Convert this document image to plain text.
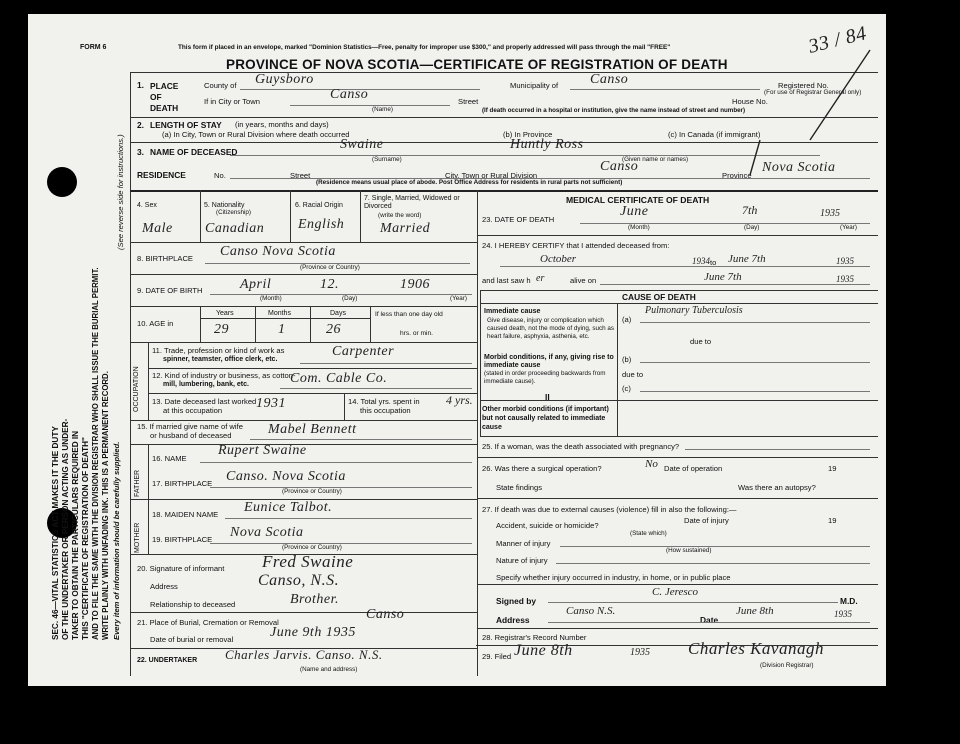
SEC. 46—VITAL STATISTICS ACT MAKES IT THE DUTY OF THE UNDERTAKER OR PERSON ACTING AS UNDER- TAKER TO OBTAIN THE PARTICULARS REQUIRED IN THIS "CERTIFICATE OF REGISTRATION OF DEATH" AND TO FILE THE SAME WITH THE DIVISION REGISTRAR WHO SHALL ISSUE THE BURIAL PERMIT. WRITE PLAINLY WITH UNFADING INK. THIS IS A PERMANENT RECORD. Every item of information should be carefully supplied.
(See reverse side for instructions.)
FORM 6	This form if placed in an envelope, marked "Dominion Statistics—Free, penalty for improper use $300," and properly addressed will pass through the mail "FREE"
PROVINCE OF NOVA SCOTIA—CERTIFICATE OF REGISTRATION OF DEATH
33 / 84
1. PLACE OF DEATH
County of Guysboro	Municipality of Canso	Registered No.
(For use of Registrar General only)
If in City or Town	Canso
(Name)
Street	House No.
(If death occurred in a hospital or institution, give the name instead of street and number)
2. LENGTH OF STAY (in years, months and days)
(a) In City, Town or Rural Division where death occurred	(b) In Province	(c) In Canada (if immigrant)
3. NAME OF DECEASED	Swaine	Huntly Ross
(Surname)	(Given name or names)
RESIDENCE	No.	Street	City, Town or Rural Division
Canso
Province
Nova Scotia
(Residence means usual place of abode. Post Office Address for residents in rural parts not sufficient)
4. Sex	5. Nationality
(Citizenship)
6. Racial Origin
7. Single, Married, Widowed or Divorced
(write the word)
Male Canadian English	Married
8. BIRTHPLACE Canso Nova Scotia
(Province or Country)
9. DATE OF BIRTH	April	12.	1906
(Month)	(Day)	(Year)
10. AGE in
Years	Months	Days
29	1	26
If less than one day old
hrs. or min.
OCCUPATION
11. Trade, profession or kind of work as
spinner, teamster, office clerk, etc.
Carpenter
12. Kind of industry or business, as cotton-
mill, lumbering, bank, etc.	Com. Cable Co.
13. Date deceased last worked
at this occupation 1931	14. Total yrs. spent in
this occupation
4 yrs.
15. If married give name of wife
or husband of deceased	Mabel Bennett
FATHER
16. NAME
Rupert Swaine
17. BIRTHPLACE Canso. Nova Scotia
(Province or Country)
MOTHER
18. MAIDEN NAME Eunice Talbot.
19. BIRTHPLACE Nova Scotia
(Province or Country)
20. Signature of informant Fred Swaine
Address	Canso, N.S.
Relationship to deceased	Brother.
21. Place of Burial, Cremation or Removal
Canso
Date of burial or removal	June 9th 1935
22. UNDERTAKER Charles Jarvis. Canso. N.S.
(Name and address)
MEDICAL CERTIFICATE OF DEATH
23. DATE OF DEATH
June	7th	1935
(Month)	(Day)	(Year)
24. I HEREBY CERTIFY that I attended deceased from:
October	1934 to June 7th	1935
and last saw h er	alive on	June 7th	1935
CAUSE OF DEATH
Immediate cause
Give disease, injury or complication which caused death, not the mode of dying, such as heart failure, asphyxia, asthenia, etc.
(a)
Pulmonary Tuberculosis
due to
Morbid conditions, if any, giving rise to immediate cause
(stated in order proceeding backwards from immediate cause).
(b)
due to
(c)
II
Other morbid conditions (if important) but not causally related to immediate cause
25. If a woman, was the death associated with pregnancy?
26. Was there a surgical operation?	No Date of operation	19
State findings	Was there an autopsy?
27. If death was due to external causes (violence) fill in also the following:—
Accident, suicide or homicide?
Date of injury	19
(State which)
Manner of injury
(How sustained)
Nature of injury
Specify whether injury occurred in industry, in home, or in public place
Signed by
C. Jeresco
M.D.
Address
Canso N.S.
Date
June 8th	1935
28. Registrar's Record Number
29. Filed June 8th	1935 Charles Kavanagh
(Division Registrar)
